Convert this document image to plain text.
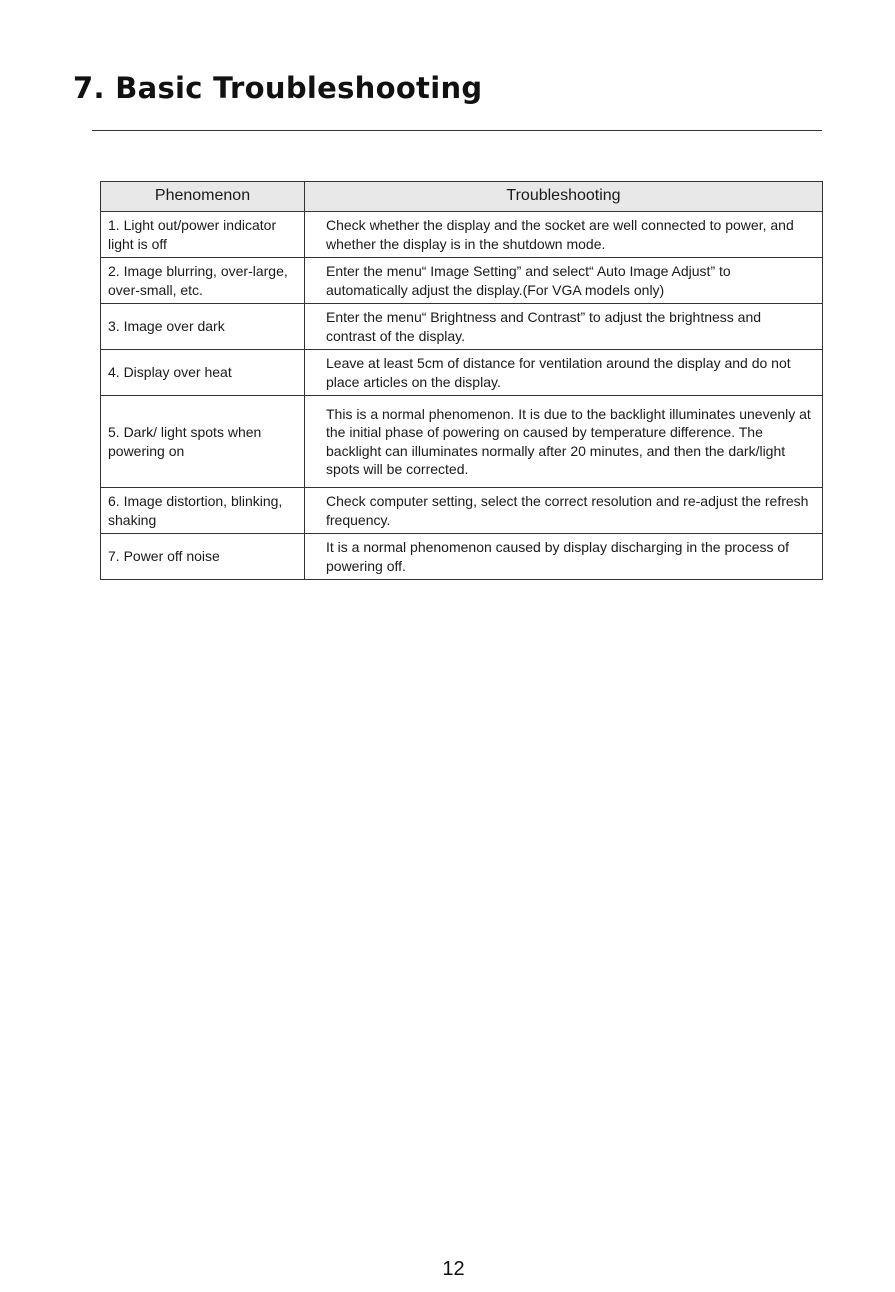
7. Basic Troubleshooting
Phenomenon	Troubleshooting
1. Light out/power indicator light is off	Check whether the display and the socket are well connected to power, and whether the display is in the shutdown mode.
2. Image blurring, over-large, over-small, etc.	Enter the menu“ Image Setting” and select“ Auto Image Adjust” to automatically adjust the display.(For VGA models only)
3. Image over dark	Enter the menu“ Brightness and Contrast” to adjust the brightness and contrast of the display.
4. Display over heat	Leave at least 5cm of distance for ventilation around the display and do not place articles on the display.
5. Dark/ light spots when powering on	This is a normal phenomenon. It is due to the backlight illuminates unevenly at the initial phase of powering on caused by temperature difference. The backlight can illuminates normally after 20 minutes, and then the dark/light spots will be corrected.
6. Image distortion, blinking, shaking	Check computer setting, select the correct resolution and re-adjust the refresh frequency.
7. Power off noise	It is a normal phenomenon caused by display discharging in the process of powering off.
12
